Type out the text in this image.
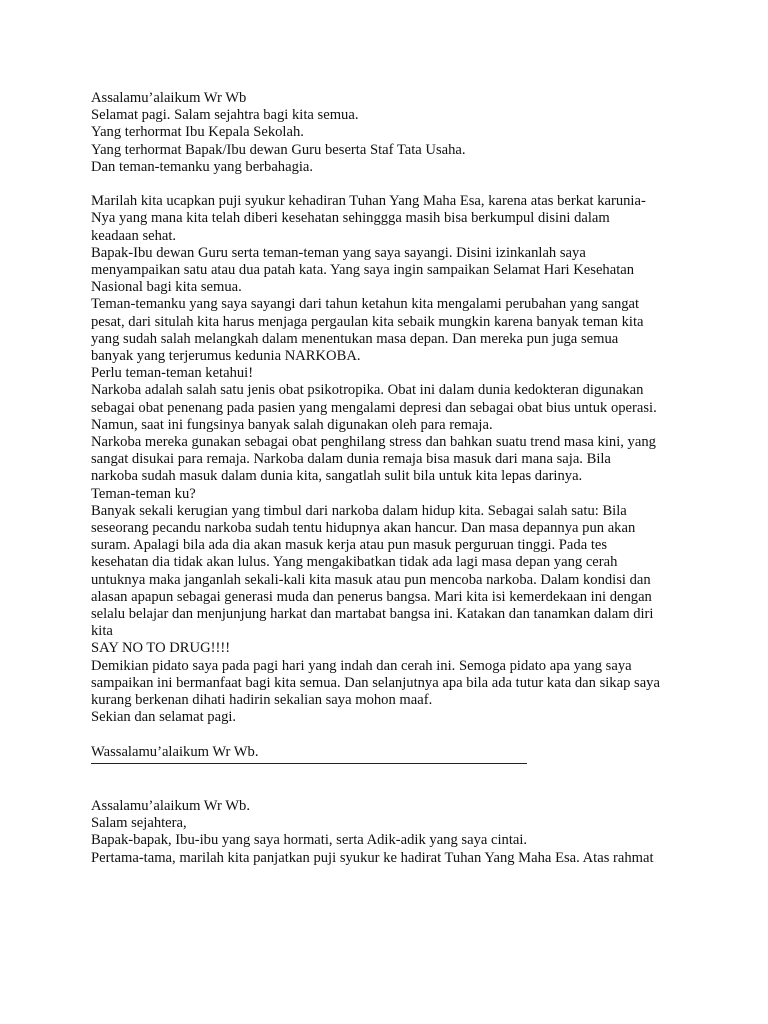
Assalamu’alaikum Wr Wb
Selamat pagi. Salam sejahtra bagi kita semua.
Yang terhormat Ibu Kepala Sekolah.
Yang terhormat Bapak/Ibu dewan Guru beserta Staf Tata Usaha.
Dan teman-temanku yang berbahagia.
Marilah kita ucapkan puji syukur kehadiran Tuhan Yang Maha Esa, karena atas berkat karunia-
Nya yang mana kita telah diberi kesehatan sehinggga masih bisa berkumpul disini dalam
keadaan sehat.
Bapak-Ibu dewan Guru serta teman-teman yang saya sayangi. Disini izinkanlah saya
menyampaikan satu atau dua patah kata. Yang saya ingin sampaikan Selamat Hari Kesehatan
Nasional bagi kita semua.
Teman-temanku yang saya sayangi dari tahun ketahun kita mengalami perubahan yang sangat
pesat, dari situlah kita harus menjaga pergaulan kita sebaik mungkin karena banyak teman kita
yang sudah salah melangkah dalam menentukan masa depan. Dan mereka pun juga semua
banyak yang terjerumus kedunia NARKOBA.
Perlu teman-teman ketahui!
Narkoba adalah salah satu jenis obat psikotropika. Obat ini dalam dunia kedokteran digunakan
sebagai obat penenang pada pasien yang mengalami depresi dan sebagai obat bius untuk operasi.
Namun, saat ini fungsinya banyak salah digunakan oleh para remaja.
Narkoba mereka gunakan sebagai obat penghilang stress dan bahkan suatu trend masa kini, yang
sangat disukai para remaja. Narkoba dalam dunia remaja bisa masuk dari mana saja. Bila
narkoba sudah masuk dalam dunia kita, sangatlah sulit bila untuk kita lepas darinya.
Teman-teman ku?
Banyak sekali kerugian yang timbul dari narkoba dalam hidup kita. Sebagai salah satu: Bila
seseorang pecandu narkoba sudah tentu hidupnya akan hancur. Dan masa depannya pun akan
suram. Apalagi bila ada dia akan masuk kerja atau pun masuk perguruan tinggi. Pada tes
kesehatan dia tidak akan lulus. Yang mengakibatkan tidak ada lagi masa depan yang cerah
untuknya maka janganlah sekali-kali kita masuk atau pun mencoba narkoba. Dalam kondisi dan
alasan apapun sebagai generasi muda dan penerus bangsa. Mari kita isi kemerdekaan ini dengan
selalu belajar dan menjunjung harkat dan martabat bangsa ini. Katakan dan tanamkan dalam diri
kita
SAY NO TO DRUG!!!!
Demikian pidato saya pada pagi hari yang indah dan cerah ini. Semoga pidato apa yang saya
sampaikan ini bermanfaat bagi kita semua. Dan selanjutnya apa bila ada tutur kata dan sikap saya
kurang berkenan dihati hadirin sekalian saya mohon maaf.
Sekian dan selamat pagi.
Wassalamu’alaikum Wr Wb.
Assalamu’alaikum Wr Wb.
Salam sejahtera,
Bapak-bapak, Ibu-ibu yang saya hormati, serta Adik-adik yang saya cintai.
Pertama-tama, marilah kita panjatkan puji syukur ke hadirat Tuhan Yang Maha Esa. Atas rahmat
